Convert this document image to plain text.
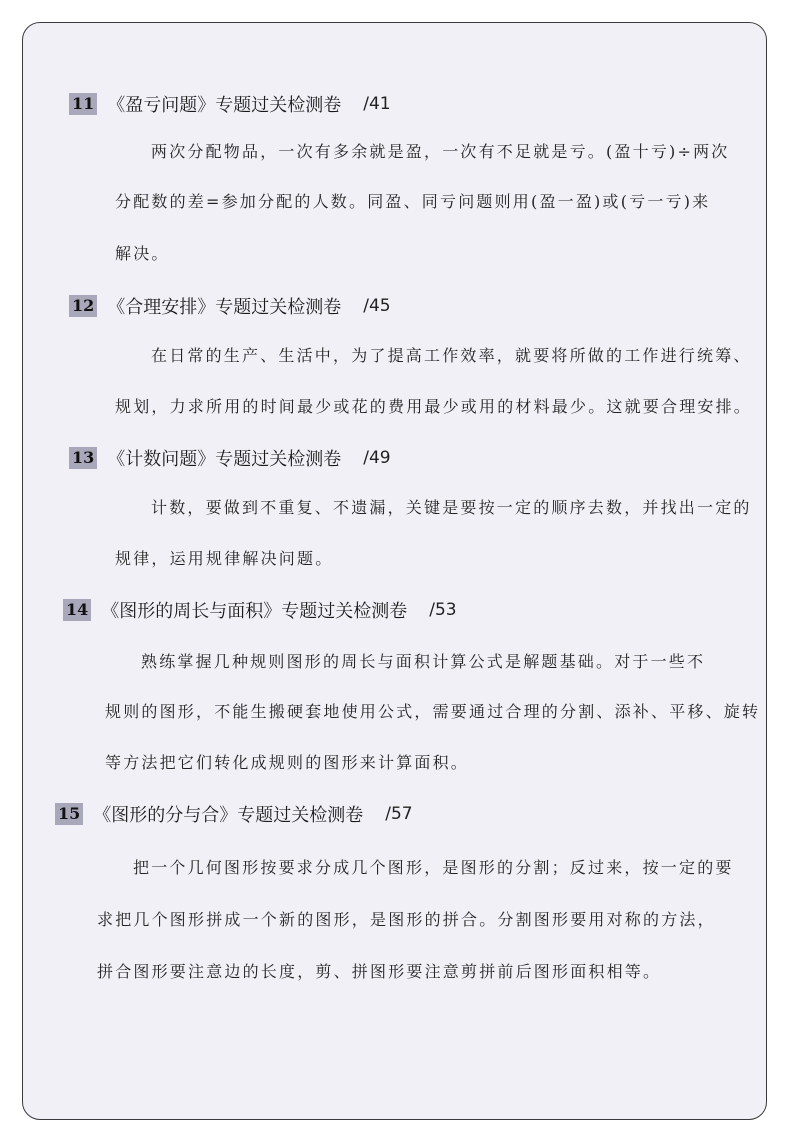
11 《盈亏问题》专题过关检测卷 /41
两次分配物品，一次有多余就是盈，一次有不足就是亏。(盈十亏)÷两次
分配数的差=参加分配的人数。同盈、同亏问题则用(盈一盈)或(亏一亏)来
解决。
12 《合理安排》专题过关检测卷 /45
在日常的生产、生活中，为了提高工作效率，就要将所做的工作进行统筹、
规划，力求所用的时间最少或花的费用最少或用的材料最少。这就要合理安排。
13 《计数问题》专题过关检测卷 /49
计数，要做到不重复、不遗漏，关键是要按一定的顺序去数，并找出一定的
规律，运用规律解决问题。
14 《图形的周长与面积》专题过关检测卷 /53
熟练掌握几种规则图形的周长与面积计算公式是解题基础。对于一些不
规则的图形，不能生搬硬套地使用公式，需要通过合理的分割、添补、平移、旋转
等方法把它们转化成规则的图形来计算面积。
15 《图形的分与合》专题过关检测卷 /57
把一个几何图形按要求分成几个图形，是图形的分割；反过来，按一定的要
求把几个图形拼成一个新的图形，是图形的拼合。分割图形要用对称的方法，
拼合图形要注意边的长度，剪、拼图形要注意剪拼前后图形面积相等。
